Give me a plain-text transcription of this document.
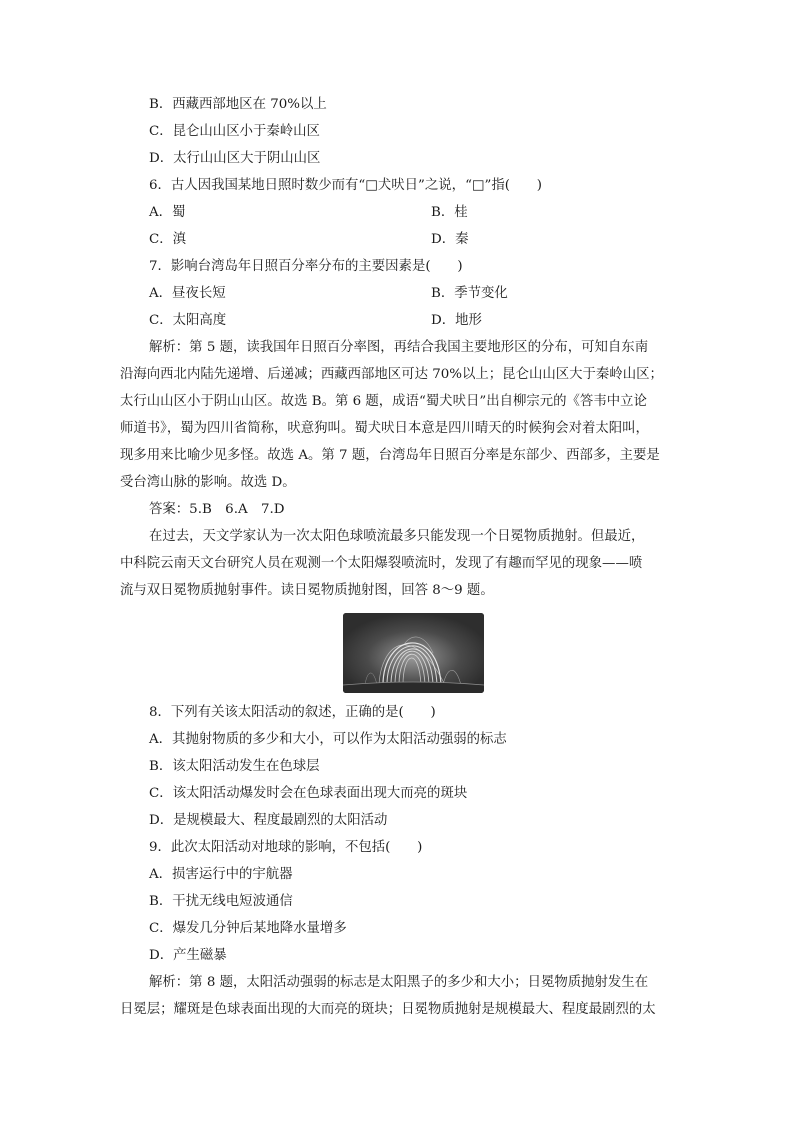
B．西藏西部地区在 70%以上
C．昆仑山山区小于秦岭山区
D．太行山山区大于阴山山区
6．古人因我国某地日照时数少而有“□犬吠日”之说，“□”指(　　)
A．蜀	B．桂
C．滇	D．秦
7．影响台湾岛年日照百分率分布的主要因素是(　　)
A．昼夜长短	B．季节变化
C．太阳高度	D．地形
解析：第 5 题，读我国年日照百分率图，再结合我国主要地形区的分布，可知自东南
沿海向西北内陆先递增、后递减；西藏西部地区可达 70%以上；昆仑山山区大于秦岭山区；
太行山山区小于阴山山区。故选 B。第 6 题，成语“蜀犬吠日”出自柳宗元的《答韦中立论
师道书》，蜀为四川省简称，吠意狗叫。蜀犬吠日本意是四川晴天的时候狗会对着太阳叫，
现多用来比喻少见多怪。故选 A。第 7 题，台湾岛年日照百分率是东部少、西部多，主要是
受台湾山脉的影响。故选 D。
答案：5.B　6.A　7.D
在过去，天文学家认为一次太阳色球喷流最多只能发现一个日冕物质抛射。但最近，
中科院云南天文台研究人员在观测一个太阳爆裂喷流时，发现了有趣而罕见的现象——喷
流与双日冕物质抛射事件。读日冕物质抛射图，回答 8～9 题。
8．下列有关该太阳活动的叙述，正确的是(　　)
A．其抛射物质的多少和大小，可以作为太阳活动强弱的标志
B．该太阳活动发生在色球层
C．该太阳活动爆发时会在色球表面出现大而亮的斑块
D．是规模最大、程度最剧烈的太阳活动
9．此次太阳活动对地球的影响，不包括(　　)
A．损害运行中的宇航器
B．干扰无线电短波通信
C．爆发几分钟后某地降水量增多
D．产生磁暴
解析：第 8 题，太阳活动强弱的标志是太阳黑子的多少和大小；日冕物质抛射发生在
日冕层；耀斑是色球表面出现的大而亮的斑块；日冕物质抛射是规模最大、程度最剧烈的太
